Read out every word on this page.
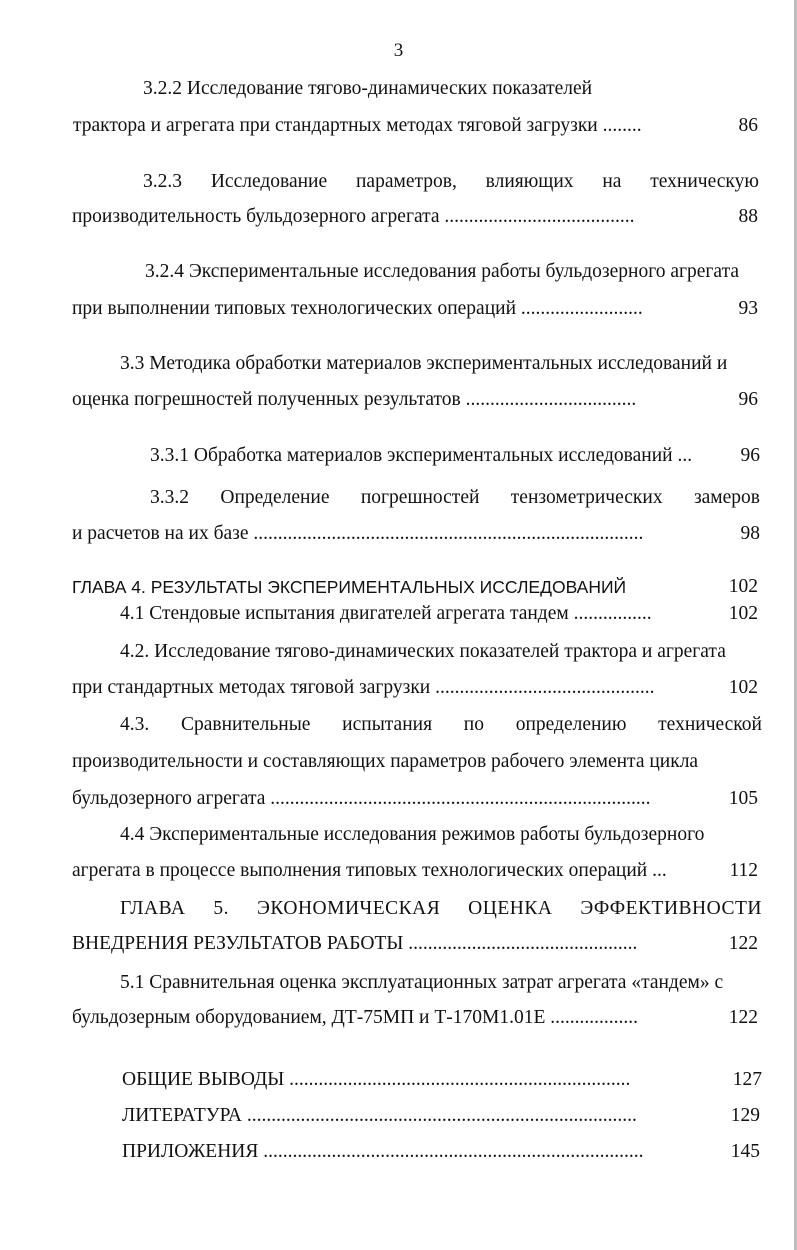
3
3.2.2 Исследование тягово-динамических показателей
трактора и агрегата при стандартных методах тяговой загрузки ........	86
3.2.3 Исследование параметров, влияющих на техническую
производительность бульдозерного агрегата .......................................	88
3.2.4 Экспериментальные исследования работы бульдозерного агрегата
при выполнении типовых технологических операций .........................	93
3.3 Методика обработки материалов экспериментальных исследований и
оценка погрешностей полученных результатов ...................................	96
3.3.1 Обработка материалов экспериментальных исследований ...	96
3.3.2 Определение погрешностей тензометрических замеров
и расчетов на их базе ................................................................................	98
ГЛАВА 4. РЕЗУЛЬТАТЫ ЭКСПЕРИМЕНТАЛЬНЫХ ИССЛЕДОВАНИЙ	102
4.1 Стендовые испытания двигателей агрегата тандем ................	102
4.2. Исследование тягово-динамических показателей трактора и агрегата
при стандартных методах тяговой загрузки .............................................	102
4.3. Сравнительные испытания по определению технической
производительности и составляющих параметров рабочего элемента цикла
бульдозерного агрегата ..............................................................................	105
4.4 Экспериментальные исследования режимов работы бульдозерного
агрегата в процессе выполнения типовых технологических операций ...	112
ГЛАВА 5. ЭКОНОМИЧЕСКАЯ ОЦЕНКА ЭФФЕКТИВНОСТИ
ВНЕДРЕНИЯ РЕЗУЛЬТАТОВ РАБОТЫ ...............................................	122
5.1 Сравнительная оценка эксплуатационных затрат агрегата «тандем» с
бульдозерным оборудованием, ДТ-75МП и Т-170М1.01Е ..................	122
ОБЩИЕ ВЫВОДЫ ......................................................................	127
ЛИТЕРАТУРА ................................................................................	129
ПРИЛОЖЕНИЯ ..............................................................................	145
